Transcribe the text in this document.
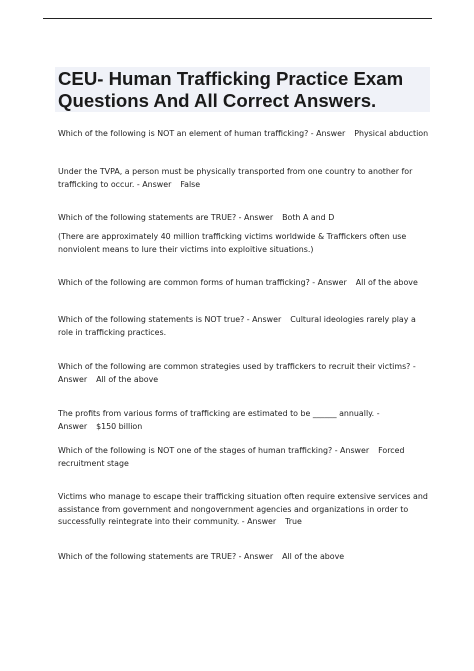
CEU- Human Trafficking Practice Exam
Questions And All Correct Answers.
Which of the following is NOT an element of human trafficking? - Answer Physical abduction
Under the TVPA, a person must be physically transported from one country to another for trafficking to occur. - Answer False
Which of the following statements are TRUE? - Answer Both A and D
(There are approximately 40 million trafficking victims worldwide & Traffickers often use nonviolent means to lure their victims into exploitive situations.)
Which of the following are common forms of human trafficking? - Answer All of the above
Which of the following statements is NOT true? - Answer Cultural ideologies rarely play a role in trafficking practices.
Which of the following are common strategies used by traffickers to recruit their victims? - Answer All of the above
The profits from various forms of trafficking are estimated to be ______ annually. - Answer $150 billion
Which of the following is NOT one of the stages of human trafficking? - Answer Forced recruitment stage
Victims who manage to escape their trafficking situation often require extensive services and assistance from government and nongovernment agencies and organizations in order to successfully reintegrate into their community. - Answer True
Which of the following statements are TRUE? - Answer All of the above
